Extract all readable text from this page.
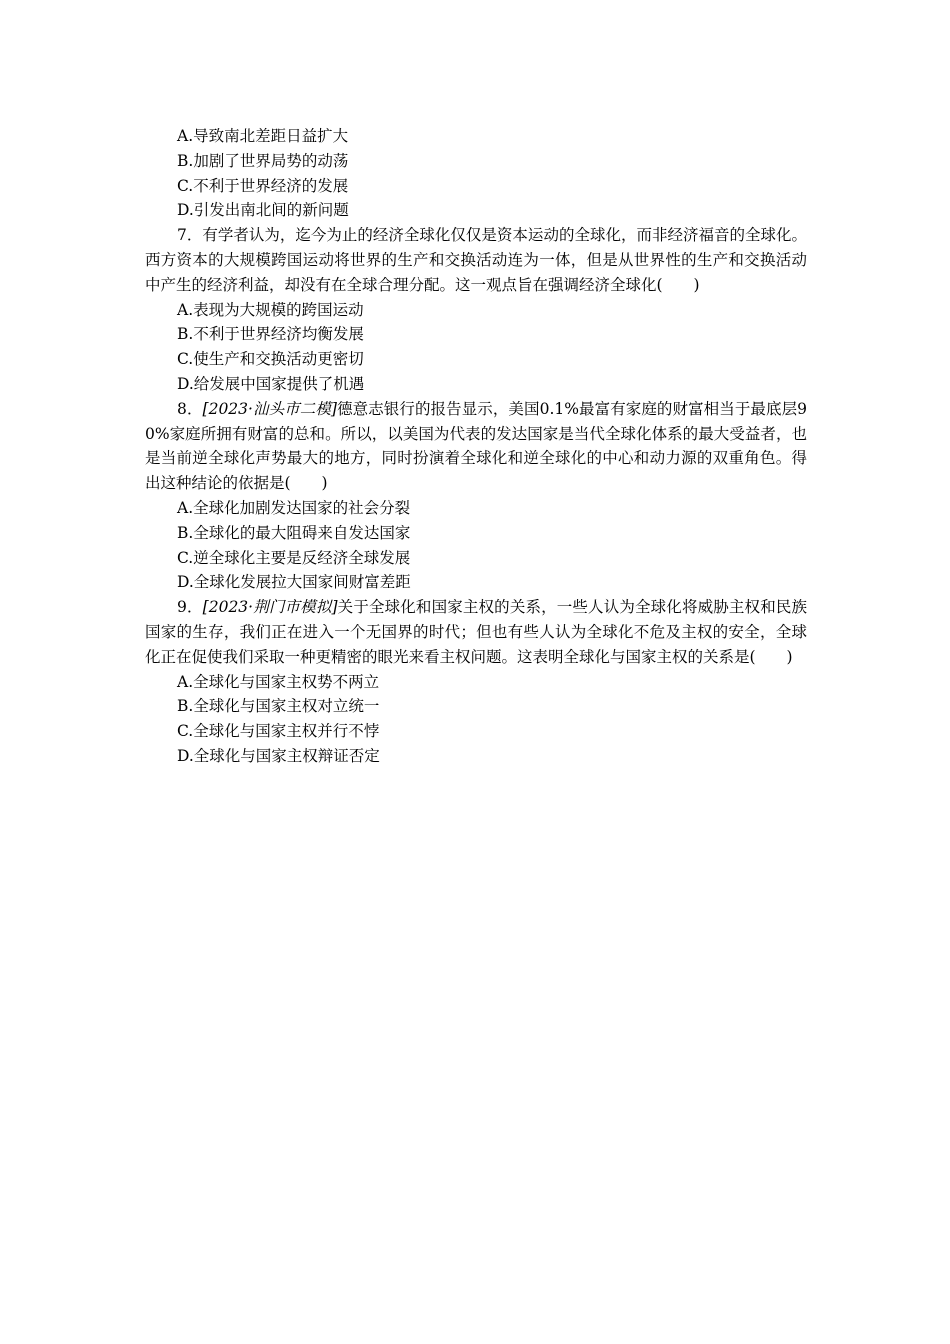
A.导致南北差距日益扩大

B.加剧了世界局势的动荡

C.不利于世界经济的发展

D.引发出南北间的新问题

7．有学者认为，迄今为止的经济全球化仅仅是资本运动的全球化，而非经济福音的全球化。西方资本的大规模跨国运动将世界的生产和交换活动连为一体，但是从世界性的生产和交换活动中产生的经济利益，却没有在全球合理分配。这一观点旨在强调经济全球化(　　)

A.表现为大规模的跨国运动

B.不利于世界经济均衡发展

C.使生产和交换活动更密切

D.给发展中国家提供了机遇

8．[2023·汕头市二模]德意志银行的报告显示，美国0.1%最富有家庭的财富相当于最底层90%家庭所拥有财富的总和。所以，以美国为代表的发达国家是当代全球化体系的最大受益者，也是当前逆全球化声势最大的地方，同时扮演着全球化和逆全球化的中心和动力源的双重角色。得出这种结论的依据是(　　)

A.全球化加剧发达国家的社会分裂

B.全球化的最大阻碍来自发达国家

C.逆全球化主要是反经济全球发展

D.全球化发展拉大国家间财富差距

9．[2023·荆门市模拟]关于全球化和国家主权的关系，一些人认为全球化将威胁主权和民族国家的生存，我们正在进入一个无国界的时代；但也有些人认为全球化不危及主权的安全，全球化正在促使我们采取一种更精密的眼光来看主权问题。这表明全球化与国家主权的关系是(　　)

A.全球化与国家主权势不两立

B.全球化与国家主权对立统一

C.全球化与国家主权并行不悖

D.全球化与国家主权辩证否定
